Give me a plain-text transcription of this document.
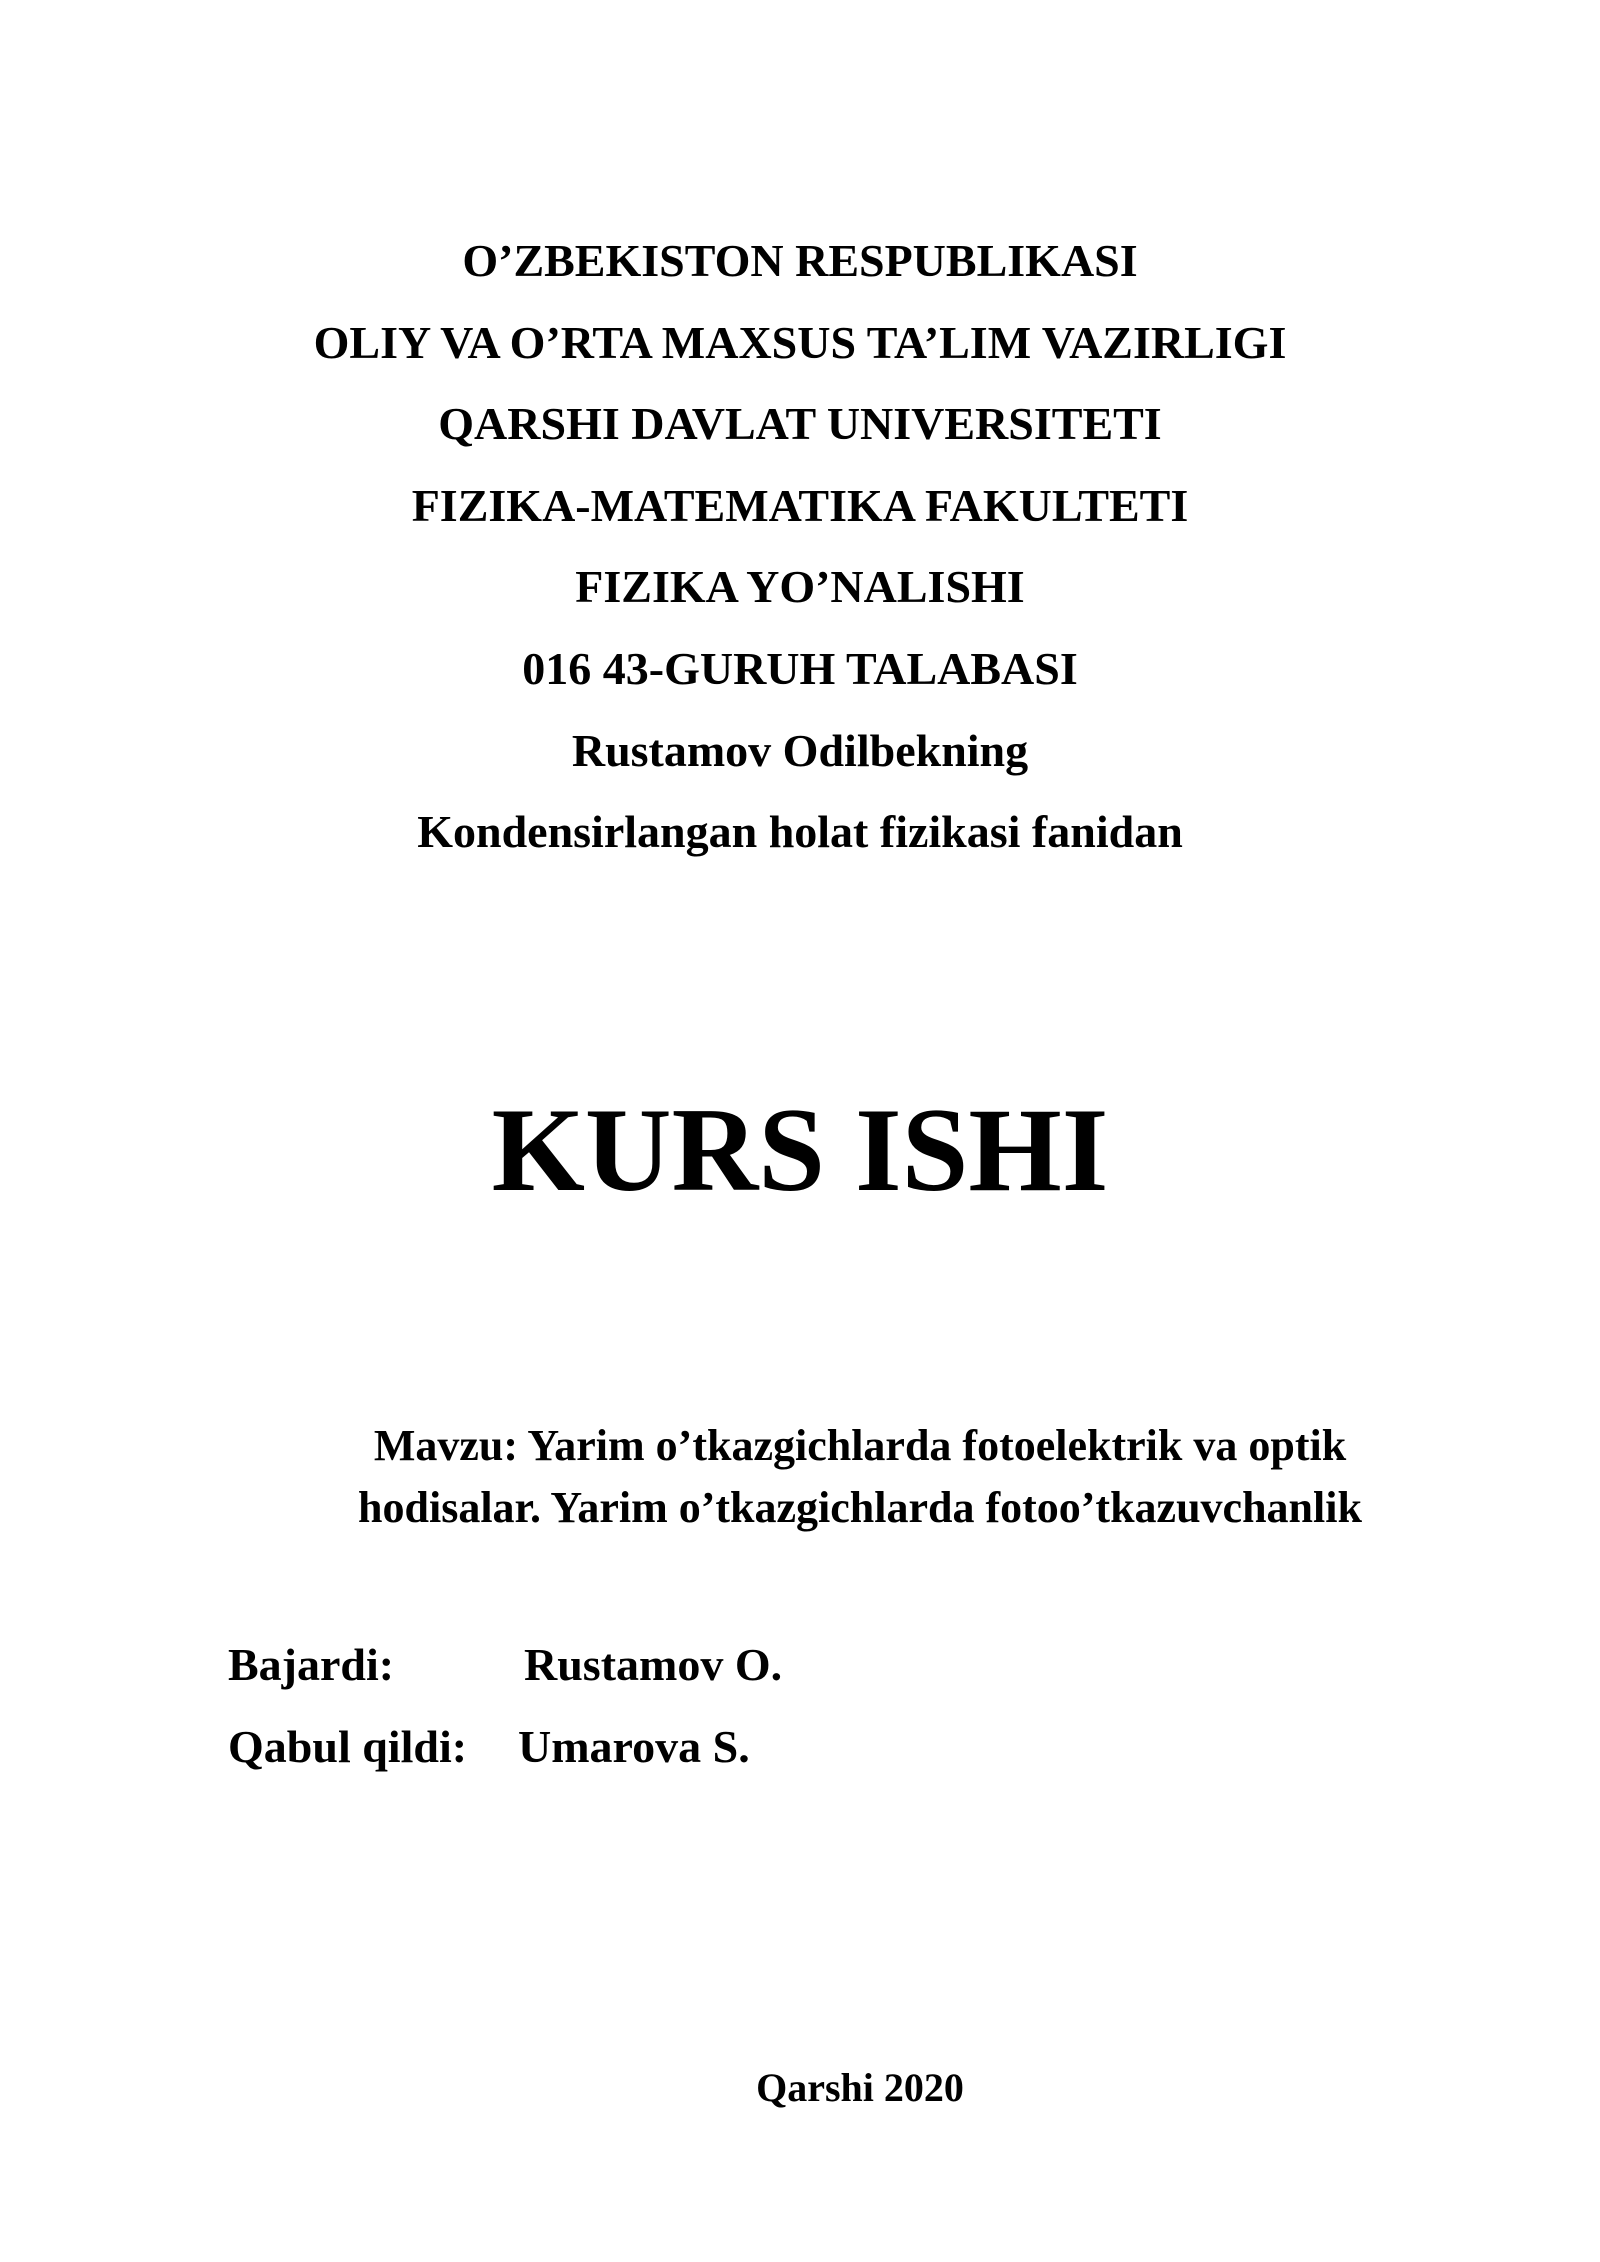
O’ZBEKISTON RESPUBLIKASI
OLIY VA O’RTA MAXSUS TA’LIM VAZIRLIGI
QARSHI DAVLAT UNIVERSITETI
FIZIKA-MATEMATIKA FAKULTETI
FIZIKA YO’NALISHI
016 43-GURUH TALABASI
Rustamov Odilbekning
Kondensirlangan holat fizikasi fanidan
KURS ISHI
Mavzu: Yarim o’tkazgichlarda fotoelektrik va optik
hodisalar. Yarim o’tkazgichlarda fotoo’tkazuvchanlik
Bajardi:	Rustamov O.
Qabul qildi: Umarova S.
Qarshi 2020
